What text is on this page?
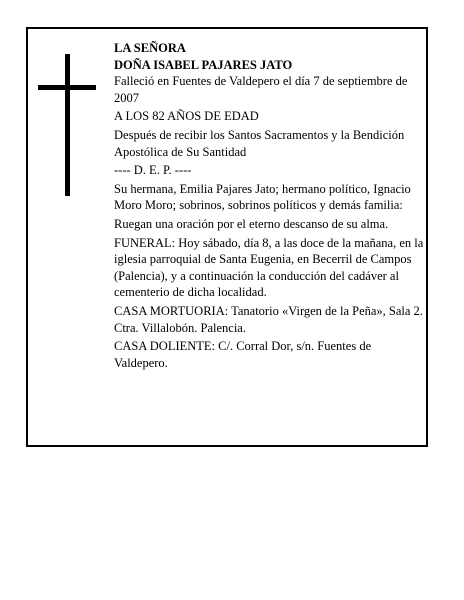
LA SEÑORA

DOÑA ISABEL PAJARES JATO

Falleció en Fuentes de Valdepero el día 7 de septiembre de 2007

A LOS 82 AÑOS DE EDAD

Después de recibir los Santos Sacramentos y la Bendición Apostólica de Su Santidad

---- D. E. P. ----

Su hermana, Emilia Pajares Jato; hermano político, Ignacio Moro Moro; sobrinos, sobrinos políticos y demás familia:

Ruegan una oración por el eterno descanso de su alma.

FUNERAL: Hoy sábado, día 8, a las doce de la mañana, en la iglesia parroquial de Santa Eugenia, en Becerril de Campos (Palencia), y a continuación la conducción del cadáver al cementerio de dicha localidad.

CASA MORTUORIA: Tanatorio «Virgen de la Peña», Sala 2. Ctra. Villalobón. Palencia.

CASA DOLIENTE: C/. Corral Dor, s/n. Fuentes de Valdepero.
